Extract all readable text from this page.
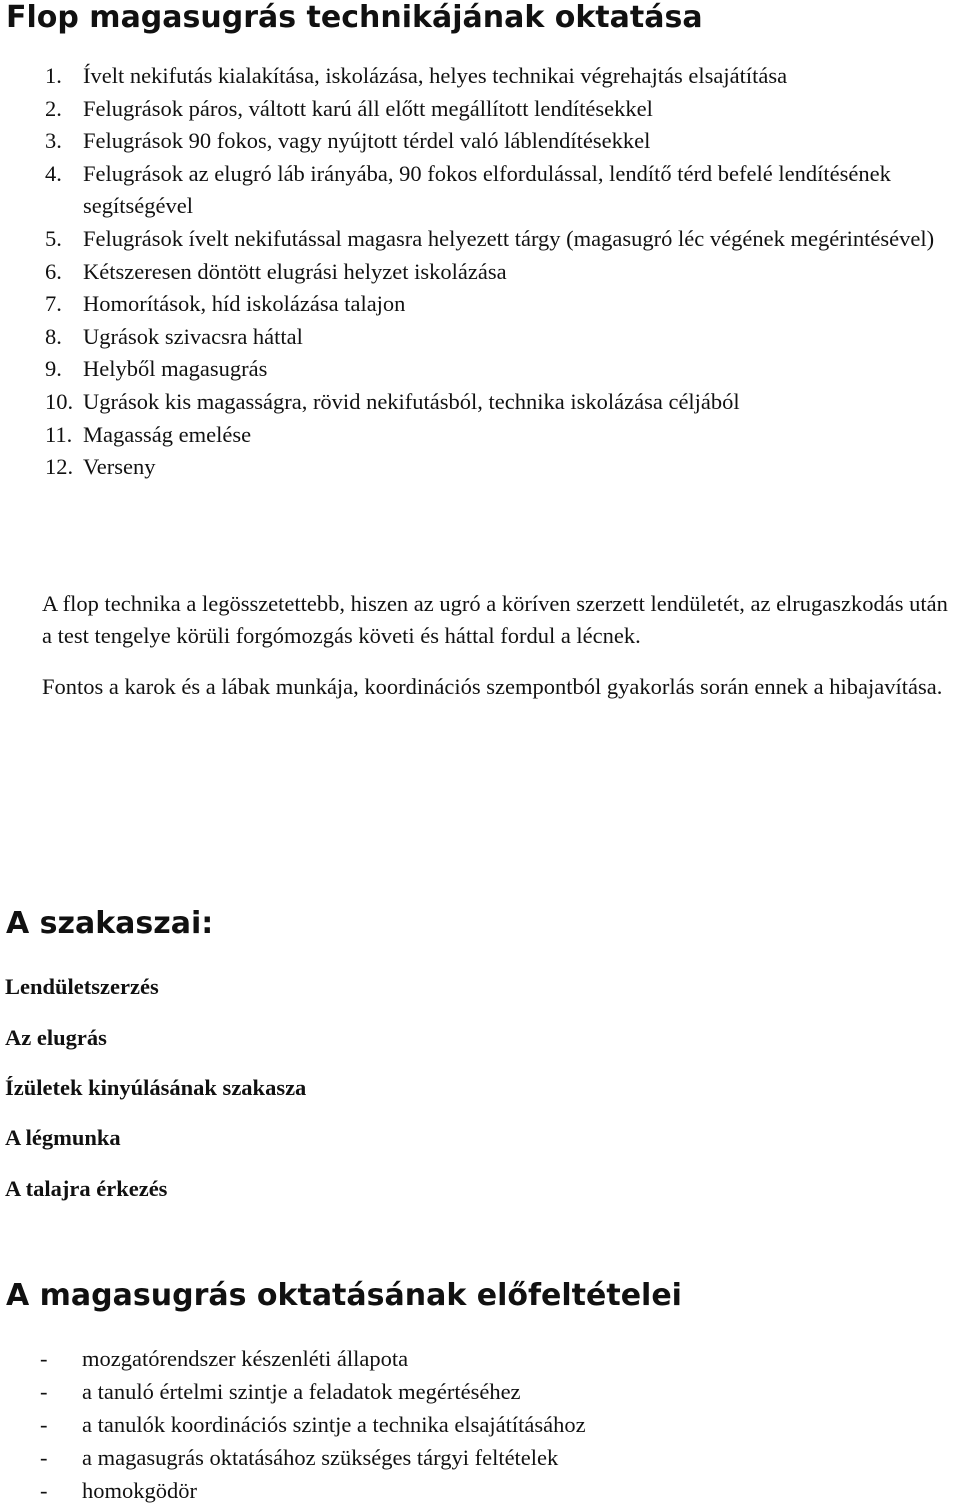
Flop magasugrás technikájának oktatása
1. Ívelt nekifutás kialakítása, iskolázása, helyes technikai végrehajtás elsajátítása
2. Felugrások páros, váltott karú áll előtt megállított lendítésekkel
3. Felugrások 90 fokos, vagy nyújtott térdel való láblendítésekkel
4. Felugrások az elugró láb irányába, 90 fokos elfordulással, lendítő térd befelé lendítésének segítségével
5. Felugrások ívelt nekifutással magasra helyezett tárgy (magasugró léc végének megérintésével)
6. Kétszeresen döntött elugrási helyzet iskolázása
7. Homorítások, híd iskolázása talajon
8. Ugrások szivacsra háttal
9. Helyből magasugrás
10. Ugrások kis magasságra, rövid nekifutásból, technika iskolázása céljából
11. Magasság emelése
12. Verseny

A flop technika a legösszetettebb, hiszen az ugró a köríven szerzett lendületét, az elrugaszkodás után a test tengelye körüli forgómozgás követi és háttal fordul a lécnek.

Fontos a karok és a lábak munkája, koordinációs szempontból gyakorlás során ennek a hibajavítása.

A szakaszai:

Lendületszerzés

Az elugrás

Ízületek kinyúlásának szakasza

A légmunka

A talajra érkezés

A magasugrás oktatásának előfeltételei
- mozgatórendszer készenléti állapota
- a tanuló értelmi szintje a feladatok megértéséhez
- a tanulók koordinációs szintje a technika elsajátításához
- a magasugrás oktatásához szükséges tárgyi feltételek
- homokgödör
